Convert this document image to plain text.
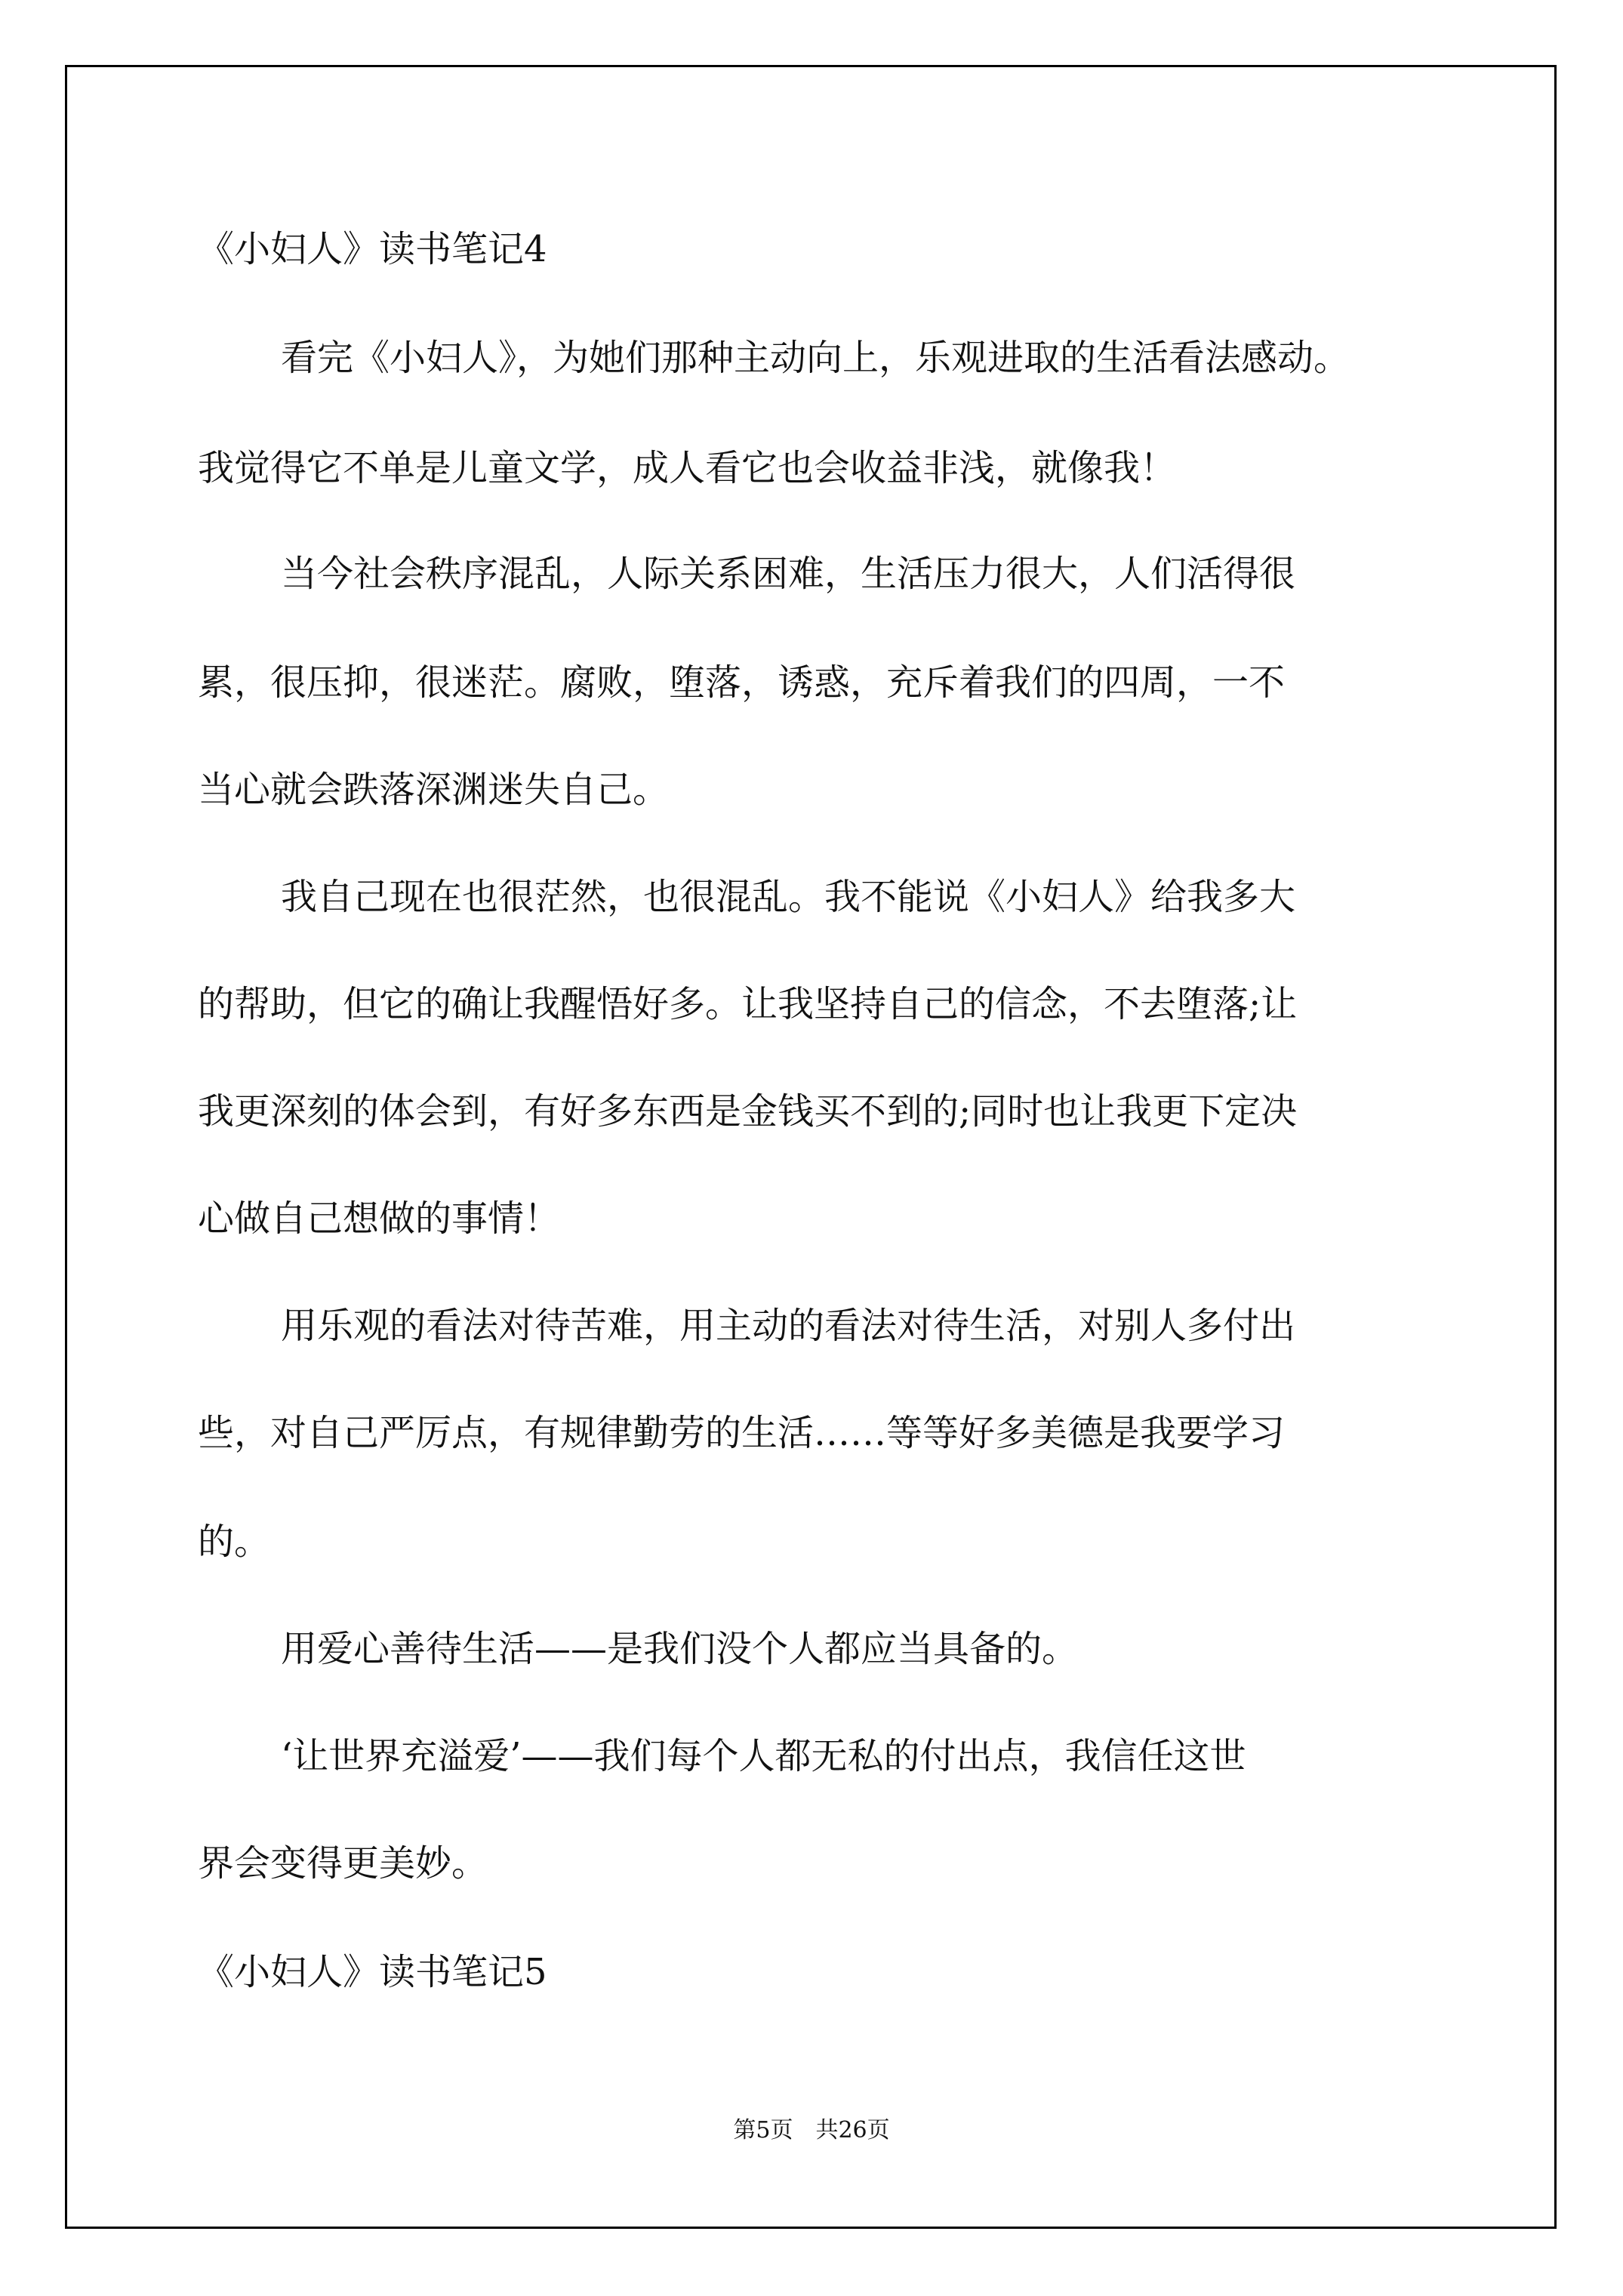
《小妇人》读书笔记4
看完《小妇人》，为她们那种主动向上，乐观进取的生活看法感动。
我觉得它不单是儿童文学，成人看它也会收益非浅，就像我！
当今社会秩序混乱，人际关系困难，生活压力很大，人们活得很
累，很压抑，很迷茫。腐败，堕落，诱惑，充斥着我们的四周，一不
当心就会跌落深渊迷失自己。
我自己现在也很茫然，也很混乱。我不能说《小妇人》给我多大
的帮助，但它的确让我醒悟好多。让我坚持自己的信念，不去堕落;让
我更深刻的体会到，有好多东西是金钱买不到的;同时也让我更下定决
心做自己想做的事情！
用乐观的看法对待苦难，用主动的看法对待生活，对别人多付出
些，对自己严厉点，有规律勤劳的生活……等等好多美德是我要学习
的。
用爱心善待生活——是我们没个人都应当具备的。
‘让世界充溢爱’——我们每个人都无私的付出点，我信任这世
界会变得更美妙。
《小妇人》读书笔记5
第5页　共26页
